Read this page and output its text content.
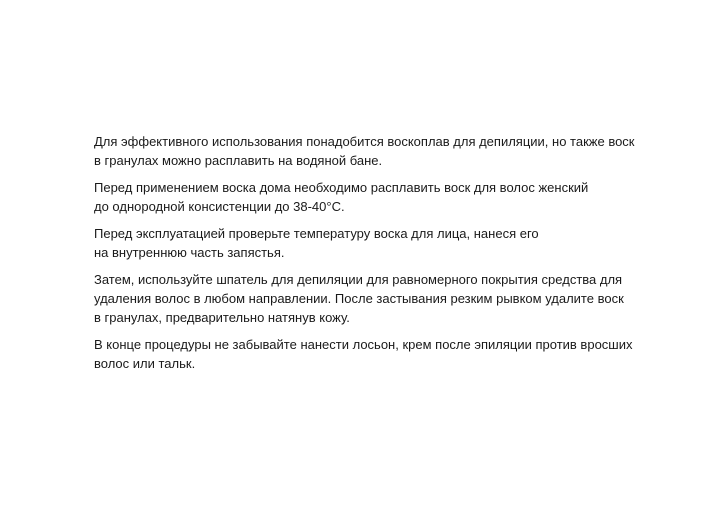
Для эффективного использования понадобится воскоплав для депиляции, но также воск
в гранулах можно расплавить на водяной бане.

Перед применением воска дома необходимо расплавить воск для волос женский
до однородной консистенции до 38-40°С.

Перед эксплуатацией проверьте температуру воска для лица, нанеся его
на внутреннюю часть запястья.

Затем, используйте шпатель для депиляции для равномерного покрытия средства для
удаления волос в любом направлении. После застывания резким рывком удалите воск
в гранулах, предварительно натянув кожу.

В конце процедуры не забывайте нанести лосьон, крем после эпиляции против вросших
волос или тальк.
